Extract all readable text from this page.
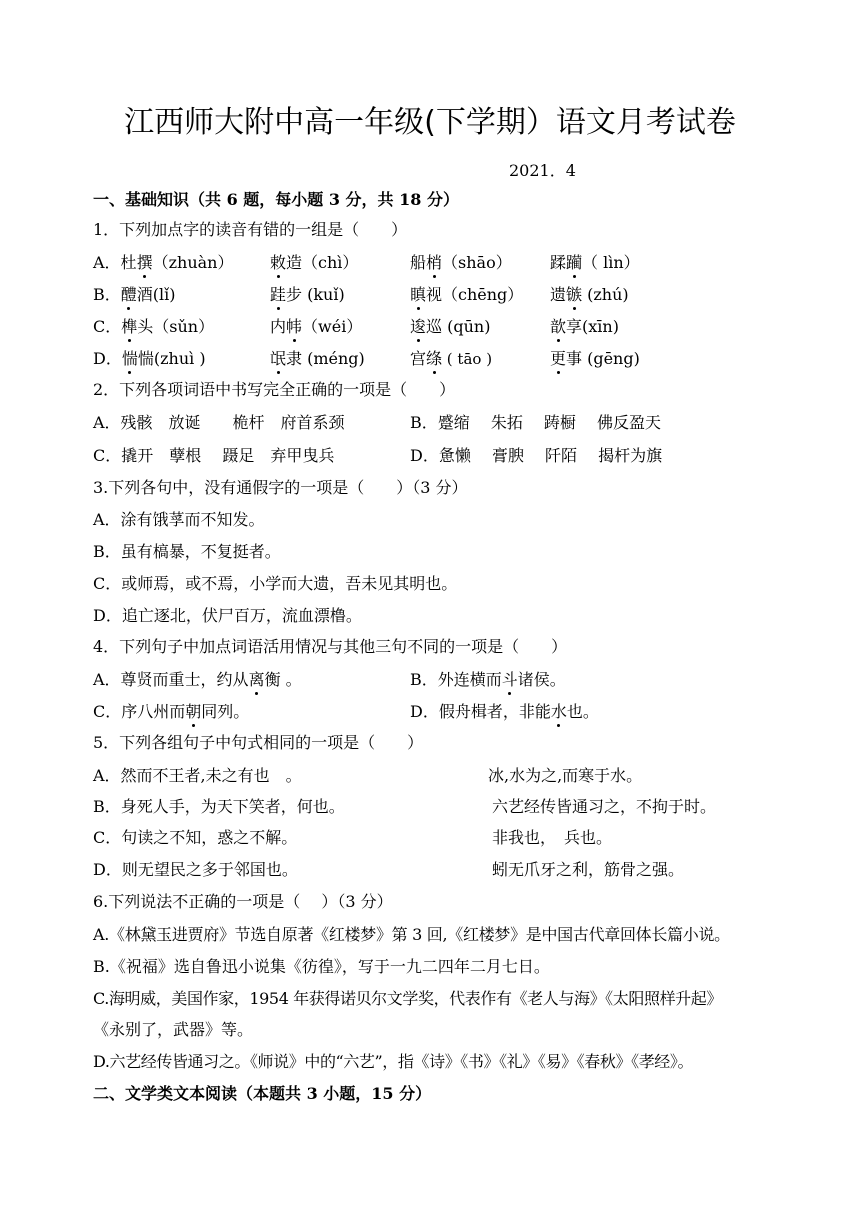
江西师大附中高一年级(下学期）语文月考试卷
2021．4
一、基础知识（共 6 题，每小题 3 分，共 18 分）
1．下列加点字的读音有错的一组是（　　）
A．杜撰（zhuàn） 敕造（chì）	船梢（shāo） 蹂躏（ lìn）
B．醴酒(lǐ)	跬步 (kuǐ)	瞋视（chēng） 遗镞 (zhú)
C．榫头（sǔn）	内帏（wéi）	逡巡 (qūn)	歆享(xīn)
D．惴惴(zhuì )	氓隶 (méng)	宫绦 ( tāo )	更事 (gēng)
2．下列各项词语中书写完全正确的一项是（　　）
A．残骸　放诞　　桅杆　府首系颈	B．蹙缩　 朱拓　 踌橱　 佛反盈天
C．撬开　孽根　 蹑足　弃甲曳兵	D．惫懒　 膏腴　 阡陌　 揭杆为旗
3.下列各句中，没有通假字的一项是（　　）（3 分）
A．涂有饿莩而不知发。
B．虽有槁暴，不复挺者。
C．或师焉，或不焉，小学而大遗，吾未见其明也。
D．追亡逐北，伏尸百万，流血漂橹。
4．下列句子中加点词语活用情况与其他三句不同的一项是（　　）
A．尊贤而重士，约从离衡 。	B．外连横而斗诸侯。
C．序八州而朝同列。	D．假舟楫者，非能水也。
5．下列各组句子中句式相同的一项是（　　）
A．然而不王者,未之有也　。	冰,水为之,而寒于水。
B．身死人手，为天下笑者，何也。	六艺经传皆通习之，不拘于时。
C．句读之不知，惑之不解。	非我也，　兵也。
D．则无望民之多于邻国也。	蚓无爪牙之利，筋骨之强。
6.下列说法不正确的一项是（　 ）（3 分）
A.《林黛玉进贾府》节选自原著《红楼梦》第 3 回,《红楼梦》是中国古代章回体长篇小说。
B.《祝福》选自鲁迅小说集《彷徨》，写于一九二四年二月七日。
C.海明威，美国作家，1954 年获得诺贝尔文学奖，代表作有《老人与海》《太阳照样升起》
《永别了，武器》等。
D.六艺经传皆通习之。《师说》中的“六艺”，指《诗》《书》《礼》《易》《春秋》《孝经》。
二、文学类文本阅读（本题共 3 小题，15 分）
